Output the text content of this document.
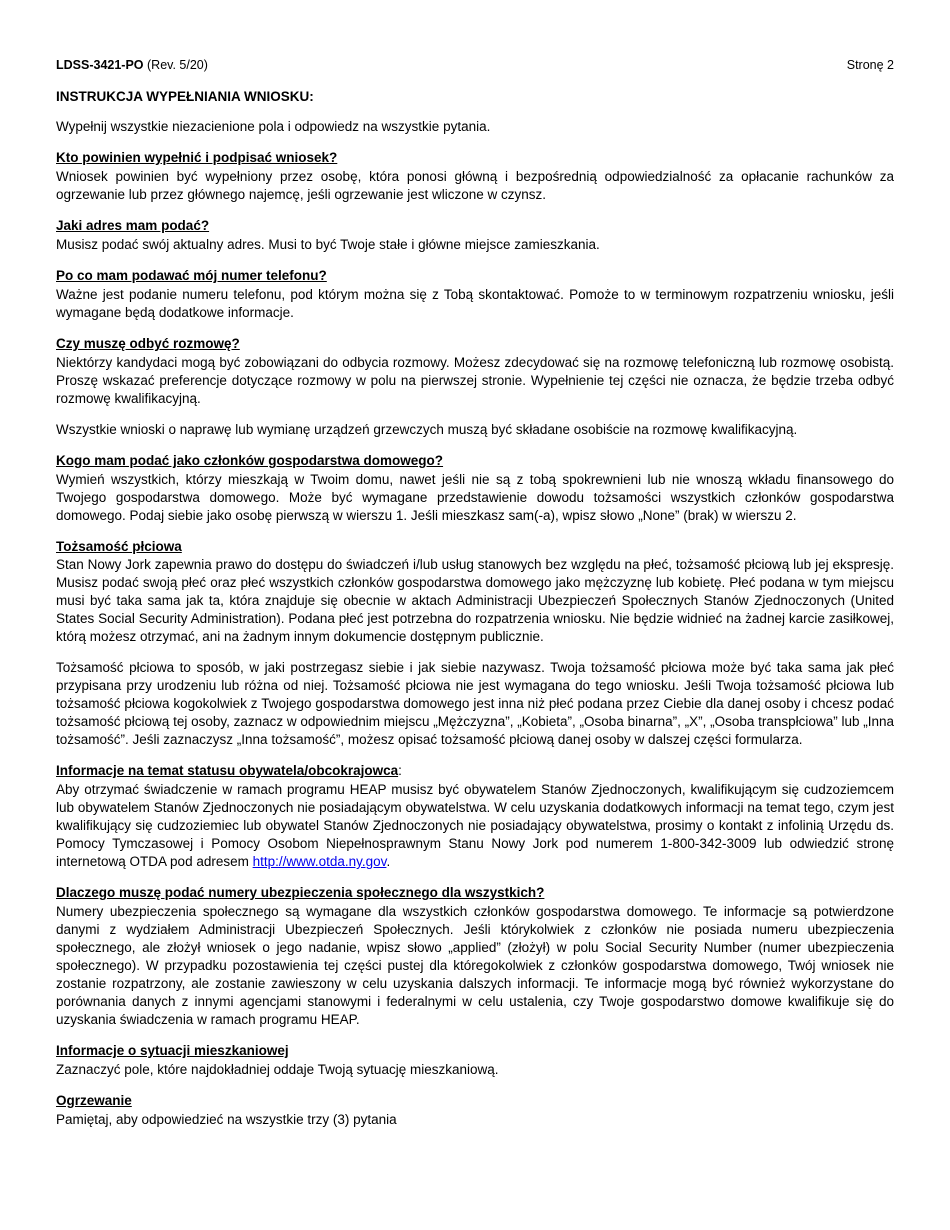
LDSS-3421-PO (Rev. 5/20)	Stronę 2
INSTRUKCJA WYPEŁNIANIA WNIOSKU:
Wypełnij wszystkie niezacienione pola i odpowiedz na wszystkie pytania.
Kto powinien wypełnić i podpisać wniosek?
Wniosek powinien być wypełniony przez osobę, która ponosi główną i bezpośrednią odpowiedzialność za opłacanie rachunków za ogrzewanie lub przez głównego najemcę, jeśli ogrzewanie jest wliczone w czynsz.
Jaki adres mam podać?
Musisz podać swój aktualny adres. Musi to być Twoje stałe i główne miejsce zamieszkania.
Po co mam podawać mój numer telefonu?
Ważne jest podanie numeru telefonu, pod którym można się z Tobą skontaktować. Pomoże to w terminowym rozpatrzeniu wniosku, jeśli wymagane będą dodatkowe informacje.
Czy muszę odbyć rozmowę?
Niektórzy kandydaci mogą być zobowiązani do odbycia rozmowy. Możesz zdecydować się na rozmowę telefoniczną lub rozmowę osobistą. Proszę wskazać preferencje dotyczące rozmowy w polu na pierwszej stronie. Wypełnienie tej części nie oznacza, że będzie trzeba odbyć rozmowę kwalifikacyjną.
Wszystkie wnioski o naprawę lub wymianę urządzeń grzewczych muszą być składane osobiście na rozmowę kwalifikacyjną.
Kogo mam podać jako członków gospodarstwa domowego?
Wymień wszystkich, którzy mieszkają w Twoim domu, nawet jeśli nie są z tobą spokrewnieni lub nie wnoszą wkładu finansowego do Twojego gospodarstwa domowego. Może być wymagane przedstawienie dowodu tożsamości wszystkich członków gospodarstwa domowego. Podaj siebie jako osobę pierwszą w wierszu 1. Jeśli mieszkasz sam(-a), wpisz słowo „None” (brak) w wierszu 2.
Tożsamość płciowa
Stan Nowy Jork zapewnia prawo do dostępu do świadczeń i/lub usług stanowych bez względu na płeć, tożsamość płciową lub jej ekspresję. Musisz podać swoją płeć oraz płeć wszystkich członków gospodarstwa domowego jako mężczyznę lub kobietę. Płeć podana w tym miejscu musi być taka sama jak ta, która znajduje się obecnie w aktach Administracji Ubezpieczeń Społecznych Stanów Zjednoczonych (United States Social Security Administration). Podana płeć jest potrzebna do rozpatrzenia wniosku. Nie będzie widnieć na żadnej karcie zasiłkowej, którą możesz otrzymać, ani na żadnym innym dokumencie dostępnym publicznie.
Tożsamość płciowa to sposób, w jaki postrzegasz siebie i jak siebie nazywasz. Twoja tożsamość płciowa może być taka sama jak płeć przypisana przy urodzeniu lub różna od niej. Tożsamość płciowa nie jest wymagana do tego wniosku. Jeśli Twoja tożsamość płciowa lub tożsamość płciowa kogokolwiek z Twojego gospodarstwa domowego jest inna niż płeć podana przez Ciebie dla danej osoby i chcesz podać tożsamość płciową tej osoby, zaznacz w odpowiednim miejscu „Mężczyzna”, „Kobieta”, „Osoba binarna”, „X”, „Osoba transpłciowa” lub „Inna tożsamość”. Jeśli zaznaczysz „Inna tożsamość”, możesz opisać tożsamość płciową danej osoby w dalszej części formularza.
Informacje na temat statusu obywatela/obcokrajowca:
Aby otrzymać świadczenie w ramach programu HEAP musisz być obywatelem Stanów Zjednoczonych, kwalifikującym się cudzoziemcem lub obywatelem Stanów Zjednoczonych nie posiadającym obywatelstwa. W celu uzyskania dodatkowych informacji na temat tego, czym jest kwalifikujący się cudzoziemiec lub obywatel Stanów Zjednoczonych nie posiadający obywatelstwa, prosimy o kontakt z infolinią Urzędu ds. Pomocy Tymczasowej i Pomocy Osobom Niepełnosprawnym Stanu Nowy Jork pod numerem 1-800-342-3009 lub odwiedzić stronę internetową OTDA pod adresem http://www.otda.ny.gov.
Dlaczego muszę podać numery ubezpieczenia społecznego dla wszystkich?
Numery ubezpieczenia społecznego są wymagane dla wszystkich członków gospodarstwa domowego. Te informacje są potwierdzone danymi z wydziałem Administracji Ubezpieczeń Społecznych. Jeśli którykolwiek z członków nie posiada numeru ubezpieczenia społecznego, ale złożył wniosek o jego nadanie, wpisz słowo „applied” (złożył) w polu Social Security Number (numer ubezpieczenia społecznego). W przypadku pozostawienia tej części pustej dla któregokolwiek z członków gospodarstwa domowego, Twój wniosek nie zostanie rozpatrzony, ale zostanie zawieszony w celu uzyskania dalszych informacji. Te informacje mogą być również wykorzystane do porównania danych z innymi agencjami stanowymi i federalnymi w celu ustalenia, czy Twoje gospodarstwo domowe kwalifikuje się do uzyskania świadczenia w ramach programu HEAP.
Informacje o sytuacji mieszkaniowej
Zaznaczyć pole, które najdokładniej oddaje Twoją sytuację mieszkaniową.
Ogrzewanie
Pamiętaj, aby odpowiedzieć na wszystkie trzy (3) pytania
